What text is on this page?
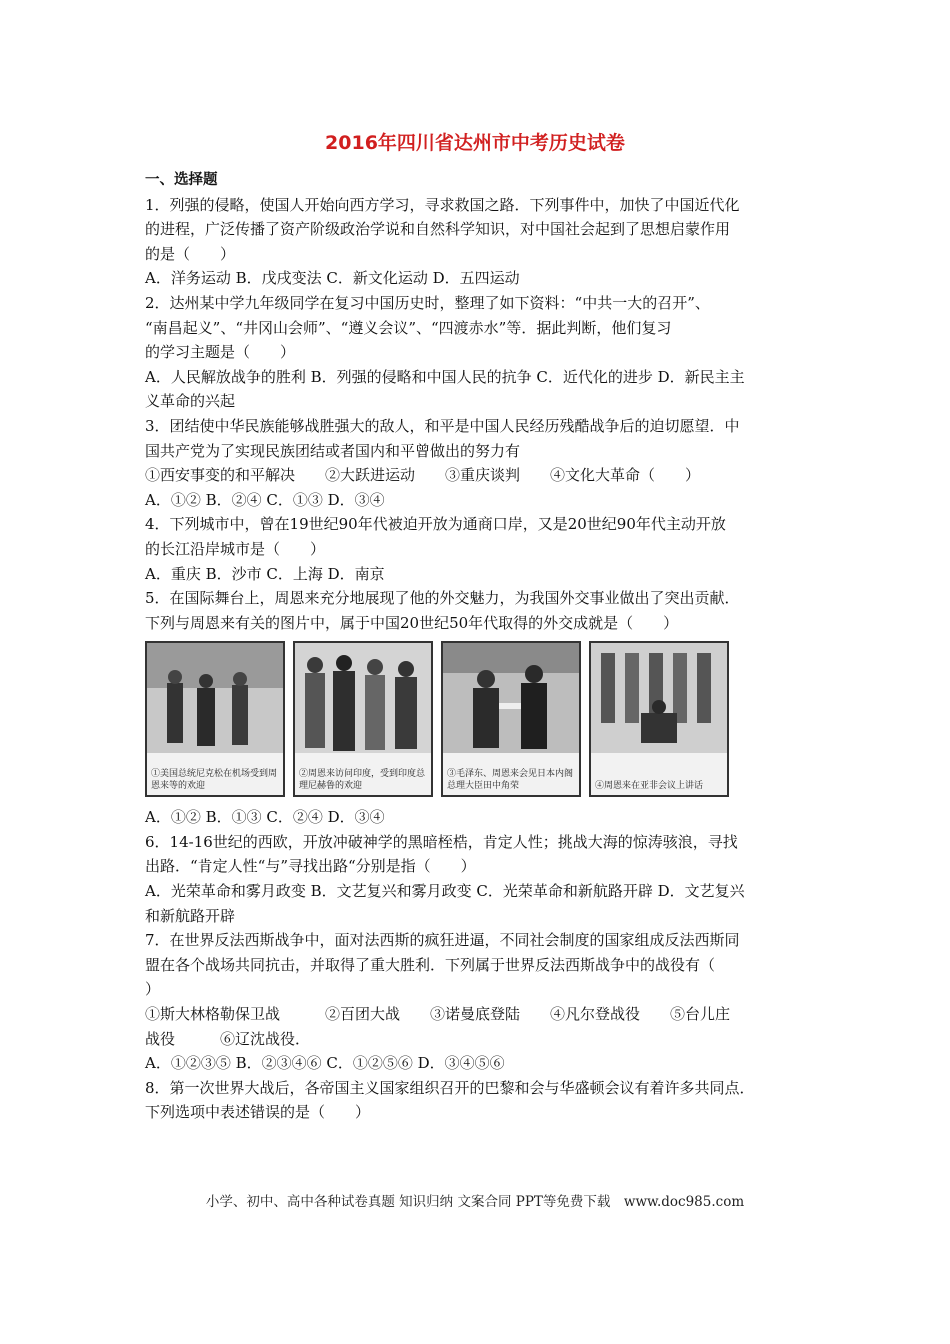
2016年四川省达州市中考历史试卷
一、选择题
1．列强的侵略，使国人开始向西方学习，寻求救国之路．下列事件中，加快了中国近代化
的进程，广泛传播了资产阶级政治学说和自然科学知识，对中国社会起到了思想启蒙作用
的是（　　）
A．洋务运动 B．戊戌变法 C．新文化运动 D．五四运动
2．达州某中学九年级同学在复习中国历史时，整理了如下资料：“中共一大的召开”、
“南昌起义”、“井冈山会师”、“遵义会议”、“四渡赤水”等．据此判断，他们复习
的学习主题是（　　）
A．人民解放战争的胜利 B．列强的侵略和中国人民的抗争 C．近代化的进步 D．新民主主
义革命的兴起
3．团结使中华民族能够战胜强大的敌人，和平是中国人民经历残酷战争后的迫切愿望．中
国共产党为了实现民族团结或者国内和平曾做出的努力有
①西安事变的和平解决　　②大跃进运动　　③重庆谈判　　④文化大革命（　　）
A．①② B．②④ C．①③ D．③④
4．下列城市中，曾在19世纪90年代被迫开放为通商口岸，又是20世纪90年代主动开放
的长江沿岸城市是（　　）
A．重庆 B．沙市 C．上海 D．南京
5．在国际舞台上，周恩来充分地展现了他的外交魅力，为我国外交事业做出了突出贡献．
下列与周恩来有关的图片中，属于中国20世纪50年代取得的外交成就是（　　）
①美国总统尼克松在机场受到周恩来等的欢迎
②周恩来访问印度，受到印度总理尼赫鲁的欢迎
③毛泽东、周恩来会见日本内阁总理大臣田中角荣	④周恩来在亚非会议上讲话
A．①② B．①③ C．②④ D．③④
6．14-16世纪的西欧，开放冲破神学的黑暗桎梏，肯定人性；挑战大海的惊涛骇浪，寻找
出路．“肯定人性“与”寻找出路“分别是指（　　）
A．光荣革命和雾月政变 B．文艺复兴和雾月政变 C．光荣革命和新航路开辟 D．文艺复兴
和新航路开辟
7．在世界反法西斯战争中，面对法西斯的疯狂进逼，不同社会制度的国家组成反法西斯同
盟在各个战场共同抗击，并取得了重大胜利．下列属于世界反法西斯战争中的战役有（
）
①斯大林格勒保卫战　　　②百团大战　　③诺曼底登陆　　④凡尔登战役　　⑤台儿庄
战役　　　⑥辽沈战役．
A．①②③⑤ B．②③④⑥ C．①②⑤⑥ D．③④⑤⑥
8．第一次世界大战后，各帝国主义国家组织召开的巴黎和会与华盛顿会议有着许多共同点．
下列选项中表述错误的是（　　）
小学、初中、高中各种试卷真题 知识归纳 文案合同 PPT等免费下载　www.doc985.com
